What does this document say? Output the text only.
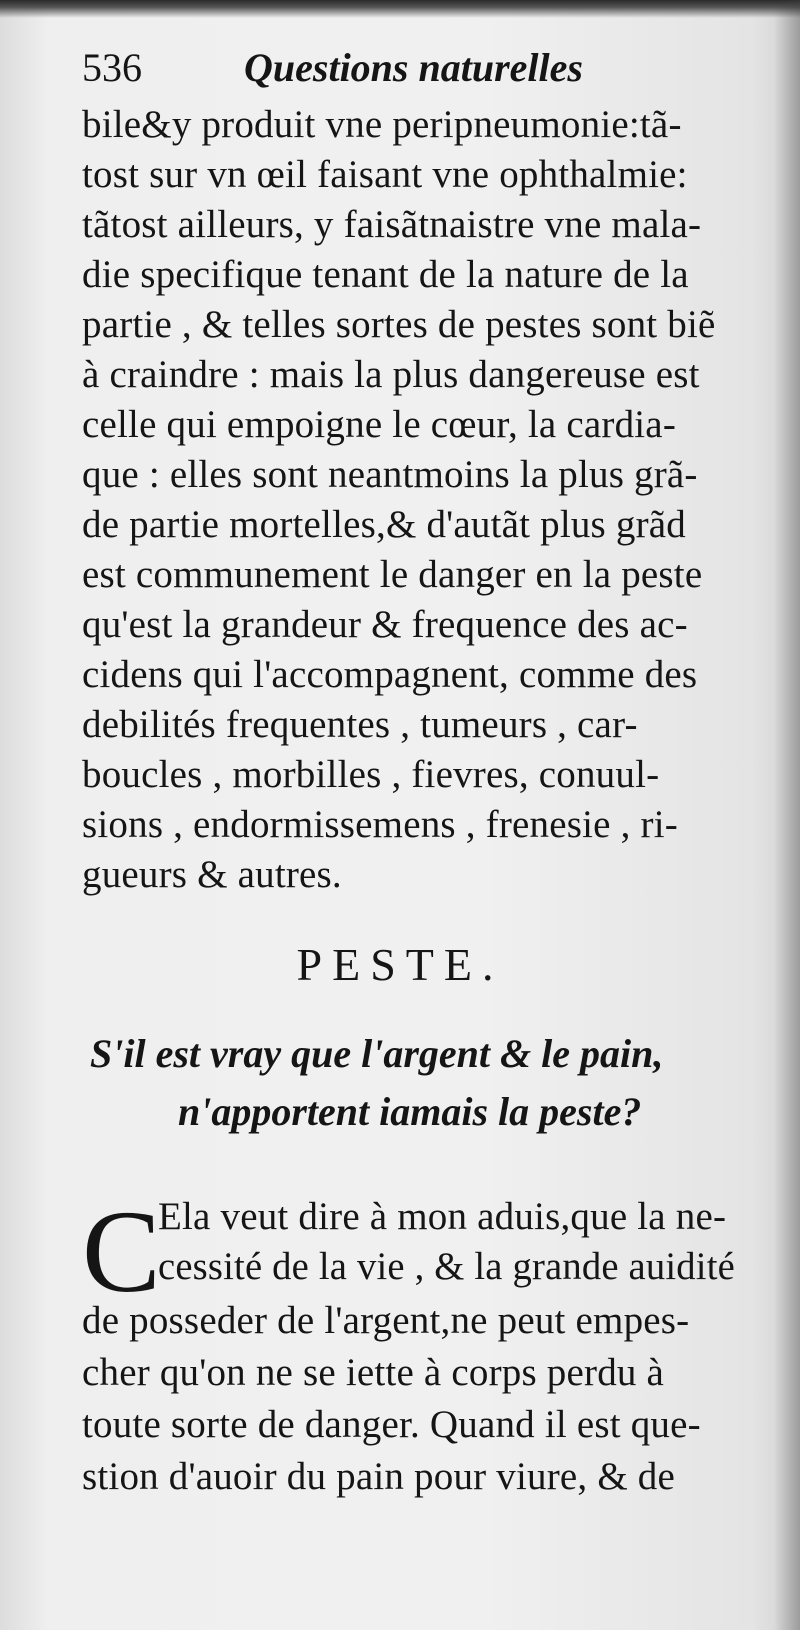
536	Questions naturelles
bile&y produit vne peripneumonie:tã-
tost sur vn œil faisant vne ophthalmie:
tãtost ailleurs, y faisãtnaistre vne mala-
die specifique tenant de la nature de la
partie , & telles sortes de pestes sont biẽ
à craindre : mais la plus dangereuse est
celle qui empoigne le cœur, la cardia-
que : elles sont neantmoins la plus grã-
de partie mortelles,& d'autãt plus grãd
est communement le danger en la peste
qu'est la grandeur & frequence des ac-
cidens qui l'accompagnent, comme des
debilités frequentes , tumeurs , car-
boucles , morbilles , fievres, conuul-
sions , endormissemens , frenesie , ri-
gueurs & autres.
PESTE.
S'il est vray que l'argent & le pain,
n'apportent iamais la peste?
C
Ela veut dire à mon aduis,que la ne-
cessité de la vie , & la grande auidité
de posseder de l'argent,ne peut empes-
cher qu'on ne se iette à corps perdu à
toute sorte de danger. Quand il est que-
stion d'auoir du pain pour viure, & de
